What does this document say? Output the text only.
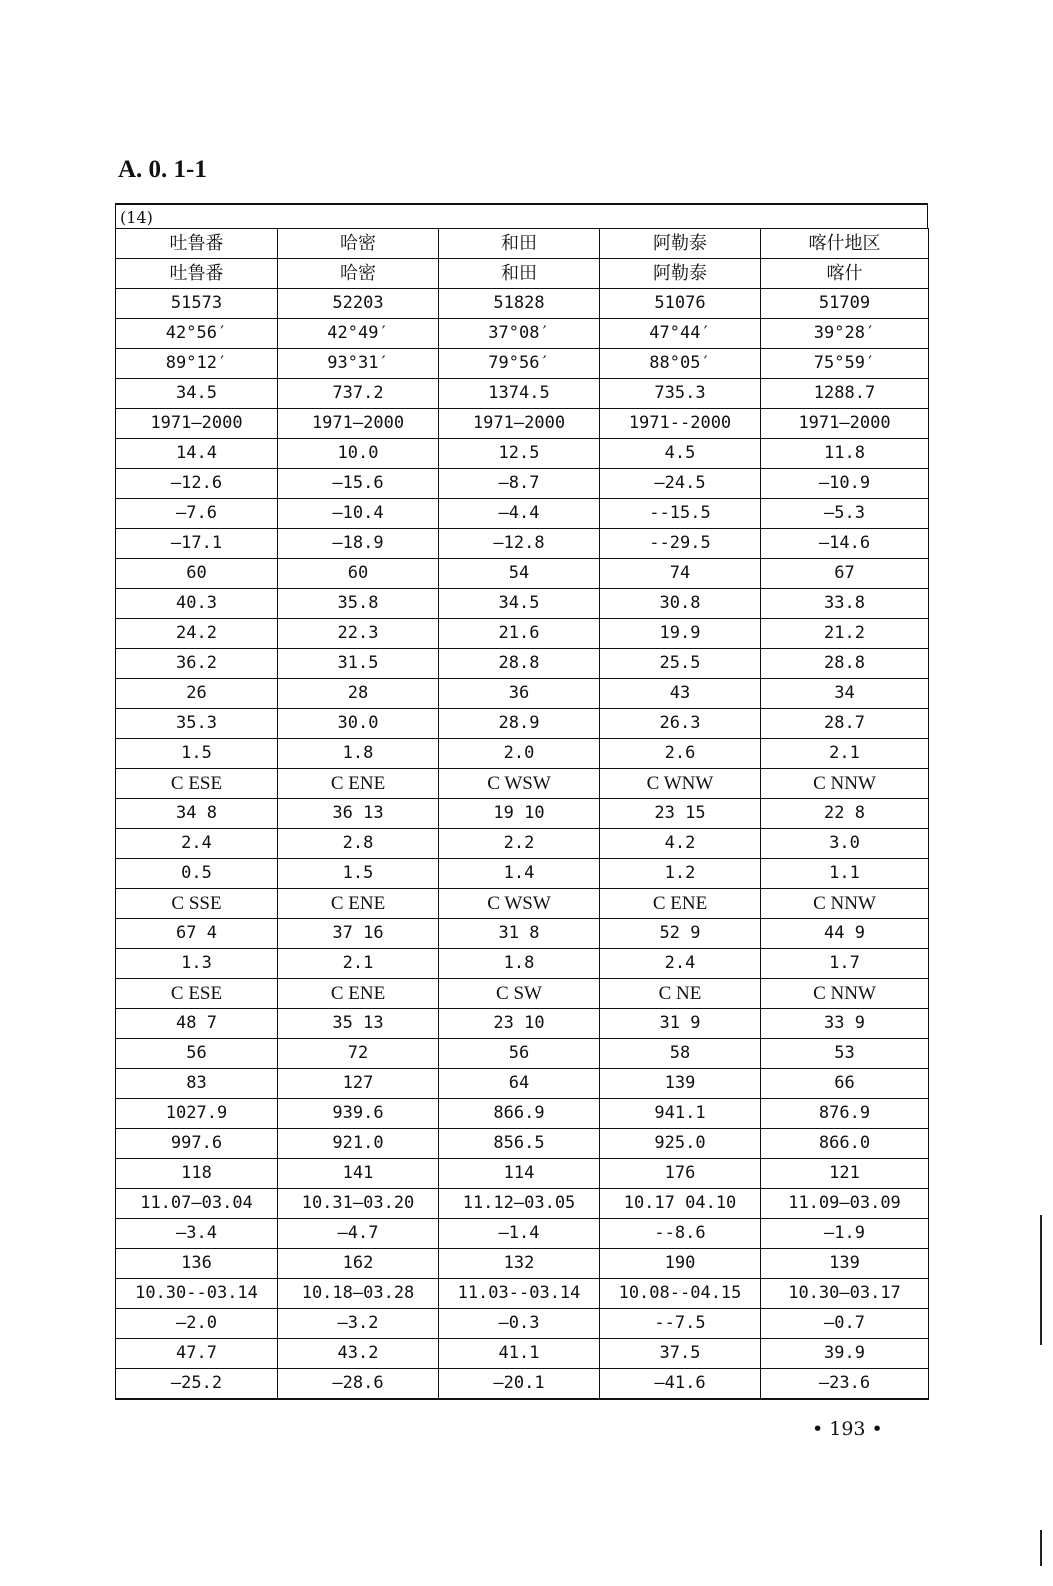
A. 0. 1-1
(14)
吐鲁番	哈密	和田	阿勒泰	喀什地区
吐鲁番	哈密	和田	阿勒泰	喀什
51573	52203	51828	51076	51709
42°56′	42°49′	37°08′	47°44′	39°28′
89°12′	93°31′	79°56′	88°05′	75°59′
34.5	737.2	1374.5	735.3	1288.7
1971—2000	1971—2000	1971—2000	1971--2000	1971—2000
14.4	10.0	12.5	4.5	11.8
—12.6	—15.6	—8.7	—24.5	—10.9
—7.6	—10.4	—4.4	--15.5	—5.3
—17.1	—18.9	—12.8	--29.5	—14.6
60	60	54	74	67
40.3	35.8	34.5	30.8	33.8
24.2	22.3	21.6	19.9	21.2
36.2	31.5	28.8	25.5	28.8
26	28	36	43	34
35.3	30.0	28.9	26.3	28.7
1.5	1.8	2.0	2.6	2.1
C ESE	C ENE	C WSW	C WNW	C NNW
34 8	36 13	19 10	23 15	22 8
2.4	2.8	2.2	4.2	3.0
0.5	1.5	1.4	1.2	1.1
C SSE	C ENE	C WSW	C ENE	C NNW
67 4	37 16	31 8	52 9	44 9
1.3	2.1	1.8	2.4	1.7
C ESE	C ENE	C SW	C NE	C NNW
48 7	35 13	23 10	31 9	33 9
56	72	56	58	53
83	127	64	139	66
1027.9	939.6	866.9	941.1	876.9
997.6	921.0	856.5	925.0	866.0
118	141	114	176	121
11.07—03.04	10.31—03.20	11.12—03.05	10.17 04.10	11.09—03.09
—3.4	—4.7	—1.4	--8.6	—1.9
136	162	132	190	139
10.30--03.14	10.18—03.28	11.03--03.14	10.08--04.15	10.30—03.17
—2.0	—3.2	—0.3	--7.5	—0.7
47.7	43.2	41.1	37.5	39.9
—25.2	—28.6	—20.1	—41.6	—23.6
• 193 •
